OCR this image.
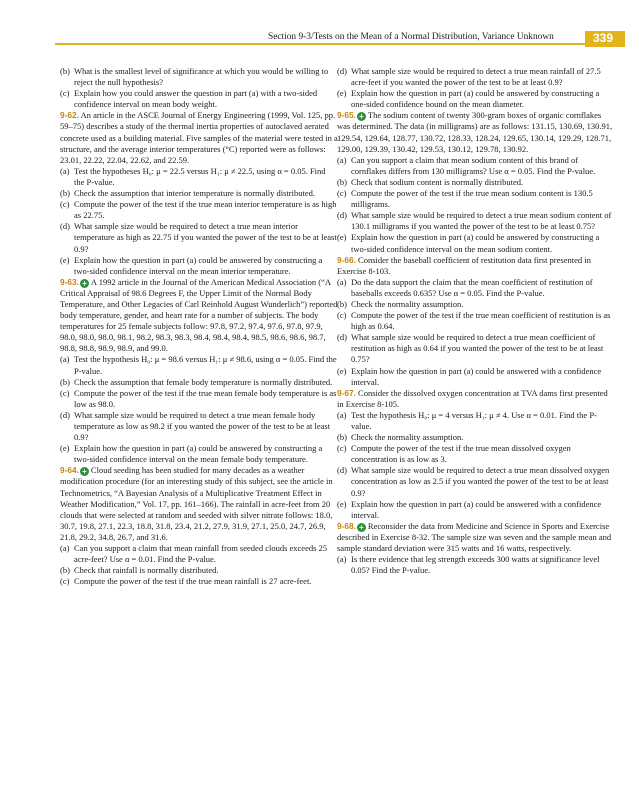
Section 9-3/Tests on the Mean of a Normal Distribution, Variance Unknown	339

(b) What is the smallest level of significance at which you would be willing to reject the null hypothesis?

(c) Explain how you could answer the question in part (a) with a two-sided confidence interval on mean body weight.

9-62. An article in the ASCE Journal of Energy Engineering (1999, Vol. 125, pp. 59–75) describes a study of the thermal inertia properties of autoclaved aerated concrete used as a building material. Five samples of the material were tested in a structure, and the average interior temperatures (°C) reported were as follows: 23.01, 22.22, 22.04, 22.62, and 22.59.

(a) Test the hypotheses H₀: μ = 22.5 versus H₁: μ ≠ 22.5, using α = 0.05. Find the P-value.

(b) Check the assumption that interior temperature is normally distributed.

(c) Compute the power of the test if the true mean interior temperature is as high as 22.75.

(d) What sample size would be required to detect a true mean interior temperature as high as 22.75 if you wanted the power of the test to be at least 0.9?

(e) Explain how the question in part (a) could be answered by constructing a two-sided confidence interval on the mean interior temperature.

9-63. + A 1992 article in the Journal of the American Medical Association (“A Critical Appraisal of 98.6 Degrees F, the Upper Limit of the Normal Body Temperature, and Other Legacies of Carl Reinhold August Wunderlich”) reported body temperature, gender, and heart rate for a number of subjects. The body temperatures for 25 female subjects follow: 97.8, 97.2, 97.4, 97.6, 97.8, 97.9, 98.0, 98.0, 98.0, 98.1, 98.2, 98.3, 98.3, 98.4, 98.4, 98.4, 98.5, 98.6, 98.6, 98.7, 98.8, 98.8, 98.9, 98.9, and 99.0.

(a) Test the hypothesis H₀: μ = 98.6 versus H₁: μ ≠ 98.6, using α = 0.05. Find the P-value.

(b) Check the assumption that female body temperature is normally distributed.

(c) Compute the power of the test if the true mean female body temperature is as low as 98.0.

(d) What sample size would be required to detect a true mean female body temperature as low as 98.2 if you wanted the power of the test to be at least 0.9?

(e) Explain how the question in part (a) could be answered by constructing a two-sided confidence interval on the mean female body temperature.

9-64. + Cloud seeding has been studied for many decades as a weather modification procedure (for an interesting study of this subject, see the article in Technometrics, “A Bayesian Analysis of a Multiplicative Treatment Effect in Weather Modification,” Vol. 17, pp. 161–166). The rainfall in acre-feet from 20 clouds that were selected at random and seeded with silver nitrate follows: 18.0, 30.7, 19.8, 27.1, 22.3, 18.8, 31.8, 23.4, 21.2, 27.9, 31.9, 27.1, 25.0, 24.7, 26.9, 21.8, 29.2, 34.8, 26.7, and 31.6.

(a) Can you support a claim that mean rainfall from seeded clouds exceeds 25 acre-feet? Use α = 0.01. Find the P-value.

(b) Check that rainfall is normally distributed.

(c) Compute the power of the test if the true mean rainfall is 27 acre-feet.

(d) What sample size would be required to detect a true mean rainfall of 27.5 acre-feet if you wanted the power of the test to be at least 0.9?

(e) Explain how the question in part (a) could be answered by constructing a one-sided confidence bound on the mean diameter.

9-65. + The sodium content of twenty 300-gram boxes of organic cornflakes was determined. The data (in milligrams) are as follows: 131.15, 130.69, 130.91, 129.54, 129.64, 128.77, 130.72, 128.33, 128.24, 129.65, 130.14, 129.29, 128.71, 129.00, 129.39, 130.42, 129.53, 130.12, 129.78, 130.92.

(a) Can you support a claim that mean sodium content of this brand of cornflakes differs from 130 milligrams? Use α = 0.05. Find the P-value.

(b) Check that sodium content is normally distributed.

(c) Compute the power of the test if the true mean sodium content is 130.5 milligrams.

(d) What sample size would be required to detect a true mean sodium content of 130.1 milligrams if you wanted the power of the test to be at least 0.75?

(e) Explain how the question in part (a) could be answered by constructing a two-sided confidence interval on the mean sodium content.

9-66. Consider the baseball coefficient of restitution data first presented in Exercise 8-103.

(a) Do the data support the claim that the mean coefficient of restitution of baseballs exceeds 0.635? Use α = 0.05. Find the P-value.

(b) Check the normality assumption.

(c) Compute the power of the test if the true mean coefficient of restitution is as high as 0.64.

(d) What sample size would be required to detect a true mean coefficient of restitution as high as 0.64 if you wanted the power of the test to be at least 0.75?

(e) Explain how the question in part (a) could be answered with a confidence interval.

9-67. Consider the dissolved oxygen concentration at TVA dams first presented in Exercise 8-105.

(a) Test the hypothesis H₀: μ = 4 versus H₁: μ ≠ 4. Use α = 0.01. Find the P-value.

(b) Check the normality assumption.

(c) Compute the power of the test if the true mean dissolved oxygen concentration is as low as 3.

(d) What sample size would be required to detect a true mean dissolved oxygen concentration as low as 2.5 if you wanted the power of the test to be at least 0.9?

(e) Explain how the question in part (a) could be answered with a confidence interval.

9-68. + Reconsider the data from Medicine and Science in Sports and Exercise described in Exercise 8-32. The sample size was seven and the sample mean and sample standard deviation were 315 watts and 16 watts, respectively.

(a) Is there evidence that leg strength exceeds 300 watts at significance level 0.05? Find the P-value.
